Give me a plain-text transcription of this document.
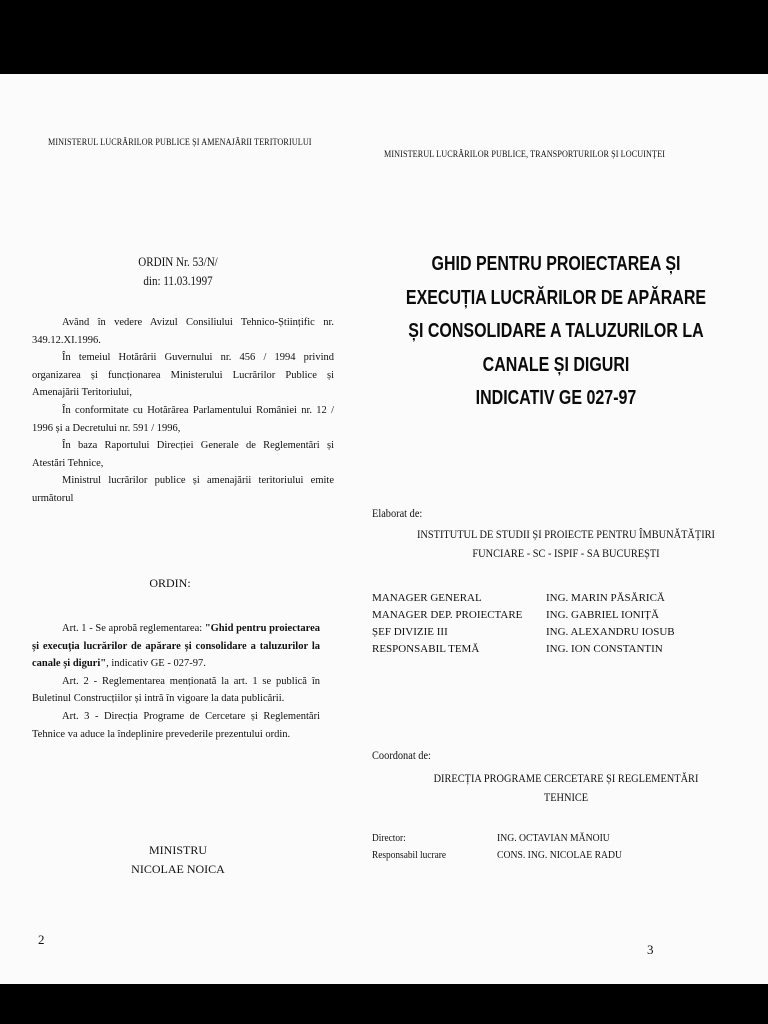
MINISTERUL LUCRĂRILOR PUBLICE ȘI AMENAJĂRII TERITORIULUI

ORDIN Nr. 53/N/
din: 11.03.1997

Având în vedere Avizul Consiliului Tehnico-Științific nr. 349.12.XI.1996.

În temeiul Hotărârii Guvernului nr. 456 / 1994 privind organizarea și funcționarea Ministerului Lucrărilor Publice și Amenajării Teritoriului,

În conformitate cu Hotărârea Parlamentului României nr. 12 / 1996 și a Decretului nr. 591 / 1996,

În baza Raportului Direcției Generale de Reglementări și Atestări Tehnice,

Ministrul lucrărilor publice și amenajării teritoriului emite următorul

ORDIN:

Art. 1 - Se aprobă reglementarea: "Ghid pentru proiectarea și execuția lucrărilor de apărare și consolidare a taluzurilor la canale și diguri", indicativ GE - 027-97.

Art. 2 - Reglementarea menționată la art. 1 se publică în Buletinul Construcțiilor și intră în vigoare la data publicării.

Art. 3 - Direcția Programe de Cercetare și Reglementări Tehnice va aduce la îndeplinire prevederile prezentului ordin.

MINISTRU
NICOLAE NOICA
2

MINISTERUL LUCRĂRILOR PUBLICE, TRANSPORTURILOR ȘI LOCUINȚEI

GHID PENTRU PROIECTAREA ȘI
EXECUȚIA LUCRĂRILOR DE APĂRARE
ȘI CONSOLIDARE A TALUZURILOR LA
CANALE ȘI DIGURI
INDICATIV GE 027-97
Elaborat de:
INSTITUTUL DE STUDII ȘI PROIECTE PENTRU ÎMBUNĂTĂȚIRI
FUNCIARE - SC - ISPIF - SA BUCUREȘTI
MANAGER GENERAL	ING. MARIN PĂSĂRICĂ
MANAGER DEP. PROIECTARE	ING. GABRIEL IONIȚĂ
ȘEF DIVIZIE III	ING. ALEXANDRU IOSUB
RESPONSABIL TEMĂ	ING. ION CONSTANTIN
Coordonat de:
DIRECȚIA PROGRAME CERCETARE ȘI REGLEMENTĂRI
TEHNICE
Director:	ING. OCTAVIAN MĂNOIU
Responsabil lucrare	CONS. ING. NICOLAE RADU
3
